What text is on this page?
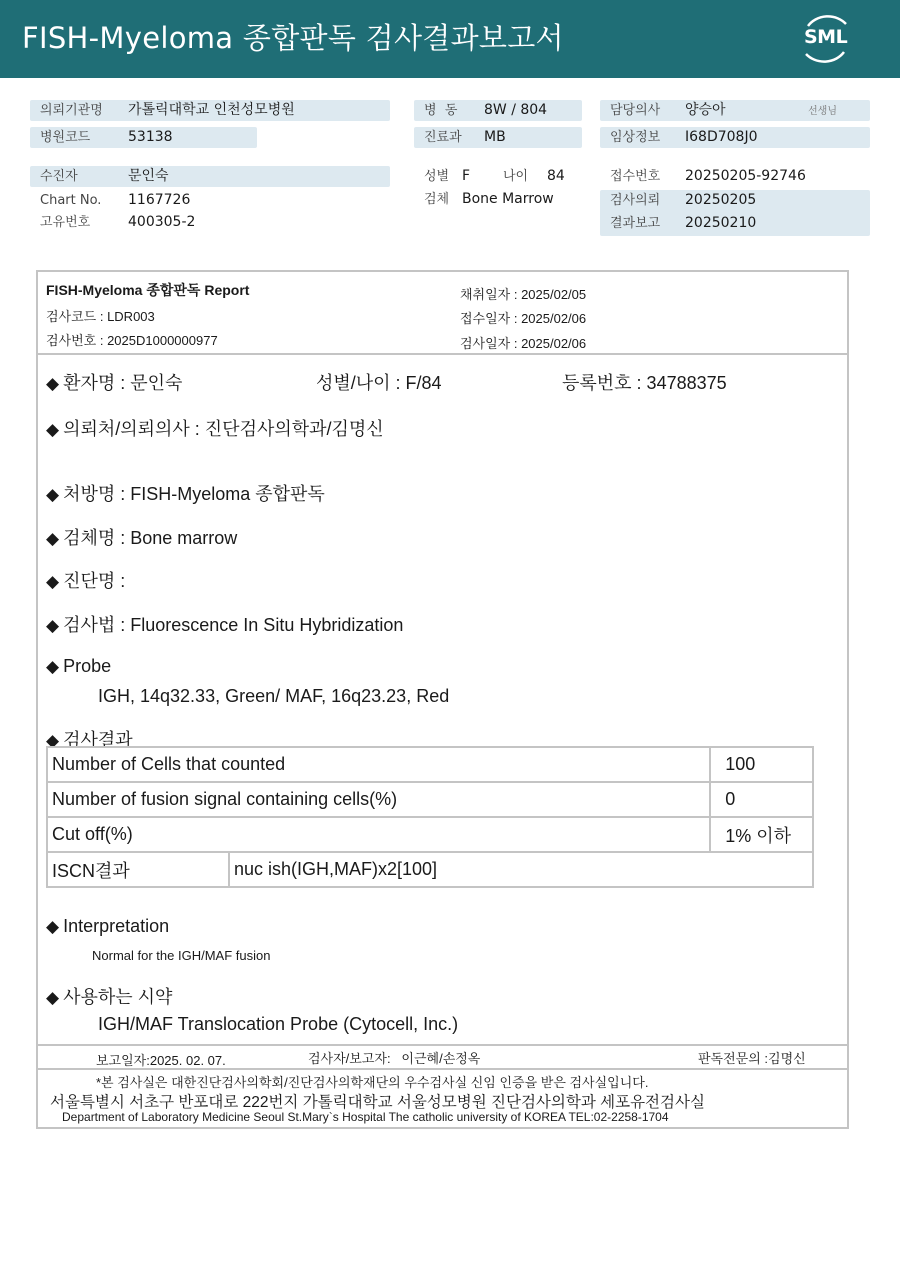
FISH-Myeloma 종합판독 검사결과보고서	SML
의뢰기관명 가톨릭대학교 인천성모병원
병원코드	53138
수진자	문인숙
Chart No. 1167726
고유번호	400305-2
병  동 8W / 804
진료과 MB
성별 F	나이 84
검체 Bone Marrow
담당의사 양승아	선생님
임상정보 I68D708J0
접수번호 20250205-92746
검사의뢰 20250205
결과보고 20250210
FISH-Myeloma 종합판독 Report
검사코드 : LDR003
검사번호 : 2025D1000000977
채취일자 : 2025/02/05
접수일자 : 2025/02/06
검사일자 : 2025/02/06
◆ 환자명 : 문인숙	성별/나이 : F/84	등록번호 : 34788375
◆ 의뢰처/의뢰의사 : 진단검사의학과/김명신
◆ 처방명 : FISH-Myeloma 종합판독
◆ 검체명 : Bone marrow
◆ 진단명 :
◆ 검사법 : Fluorescence In Situ Hybridization
◆ Probe
IGH, 14q32.33, Green/ MAF, 16q23.23, Red
◆ 검사결과
Number of Cells that counted		100
Number of fusion signal containing cells(%)		0
Cut off(%)		1% 이하
ISCN결과	nuc ish(IGH,MAF)x2[100]	
◆ Interpretation
Normal for the IGH/MAF fusion
◆ 사용하는 시약
IGH/MAF Translocation Probe (Cytocell, Inc.)
보고일자:2025. 02. 07.	검사자/보고자:   이근혜/손정옥	판독전문의 :김명신
*본 검사실은 대한진단검사의학회/진단검사의학재단의 우수검사실 신임 인증을 받은 검사실입니다.
서울특별시 서초구 반포대로 222번지 가톨릭대학교 서울성모병원 진단검사의학과 세포유전검사실
Department of Laboratory Medicine Seoul St.Mary`s Hospital The catholic university of KOREA TEL:02-2258-1704
